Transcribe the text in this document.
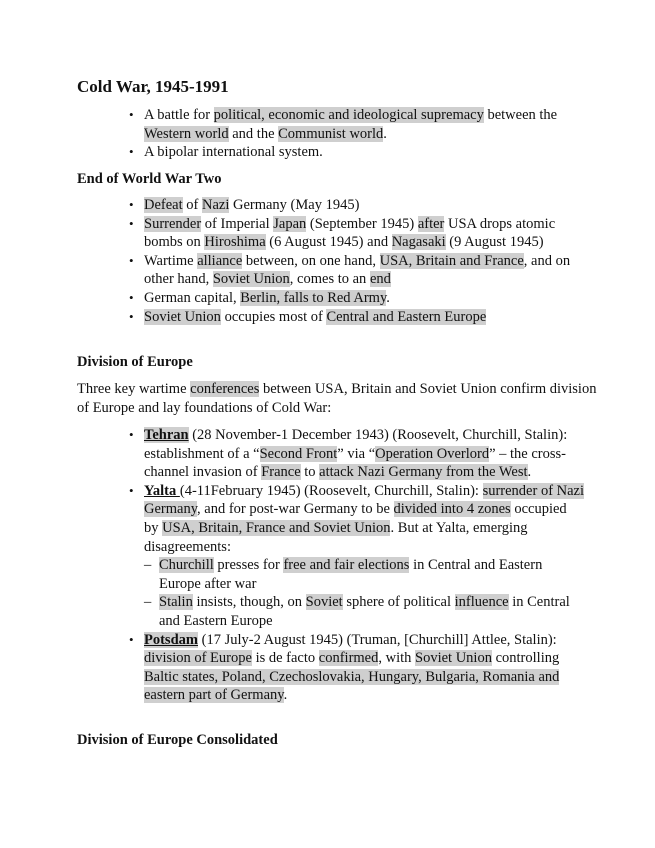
Cold War, 1945-1991
• A battle for political, economic and ideological supremacy between the Western world and the Communist world.
• A bipolar international system.
End of World War Two
• Defeat of Nazi Germany (May 1945)
• Surrender of Imperial Japan (September 1945) after USA drops atomic bombs on Hiroshima (6 August 1945) and Nagasaki (9 August 1945)
• Wartime alliance between, on one hand, USA, Britain and France, and on other hand, Soviet Union, comes to an end
• German capital, Berlin, falls to Red Army.
• Soviet Union occupies most of Central and Eastern Europe
Division of Europe

Three key wartime conferences between USA, Britain and Soviet Union confirm division of Europe and lay foundations of Cold War:

• Tehran (28 November-1 December 1943) (Roosevelt, Churchill, Stalin): establishment of a “Second Front” via “Operation Overlord” – the cross-channel invasion of France to attack Nazi Germany from the West.
• Yalta (4-11February 1945) (Roosevelt, Churchill, Stalin): surrender of Nazi Germany, and for post-war Germany to be divided into 4 zones occupied by USA, Britain, France and Soviet Union. But at Yalta, emerging disagreements:
– Churchill presses for free and fair elections in Central and Eastern Europe after war
– Stalin insists, though, on Soviet sphere of political influence in Central and Eastern Europe
• Potsdam (17 July-2 August 1945) (Truman, [Churchill] Attlee, Stalin): division of Europe is de facto confirmed, with Soviet Union controlling Baltic states, Poland, Czechoslovakia, Hungary, Bulgaria, Romania and eastern part of Germany.
Division of Europe Consolidated
